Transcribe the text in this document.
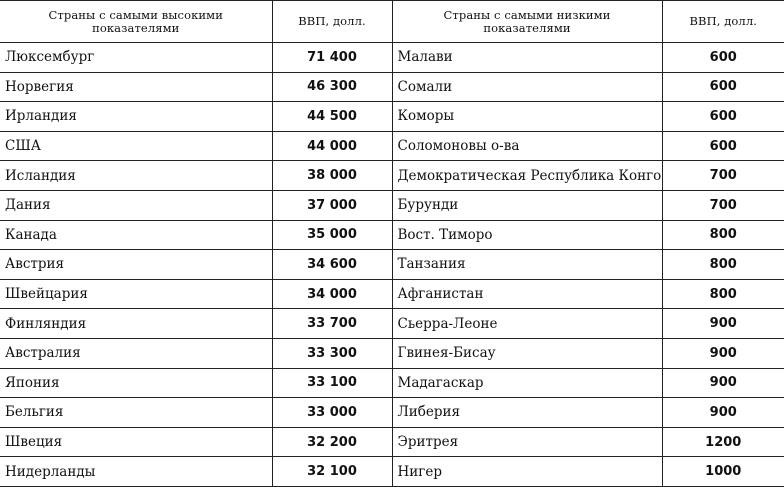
Страны с самыми высокими показателями	ВВП, долл.	Страны с самыми низкими показателями	ВВП, долл.
Люксембург	71 400	Малави	600
Норвегия	46 300	Сомали	600
Ирландия	44 500	Коморы	600
США	44 000	Соломоновы о-ва	600
Исландия	38 000	Демократическая Республика Конго	700
Дания	37 000	Бурунди	700
Канада	35 000	Вост. Тиморо	800
Австрия	34 600	Танзания	800
Швейцария	34 000	Афганистан	800
Финляндия	33 700	Сьерра-Леоне	900
Австралия	33 300	Гвинея-Бисау	900
Япония	33 100	Мадагаскар	900
Бельгия	33 000	Либерия	900
Швеция	32 200	Эритрея	1200
Нидерланды	32 100	Нигер	1000
